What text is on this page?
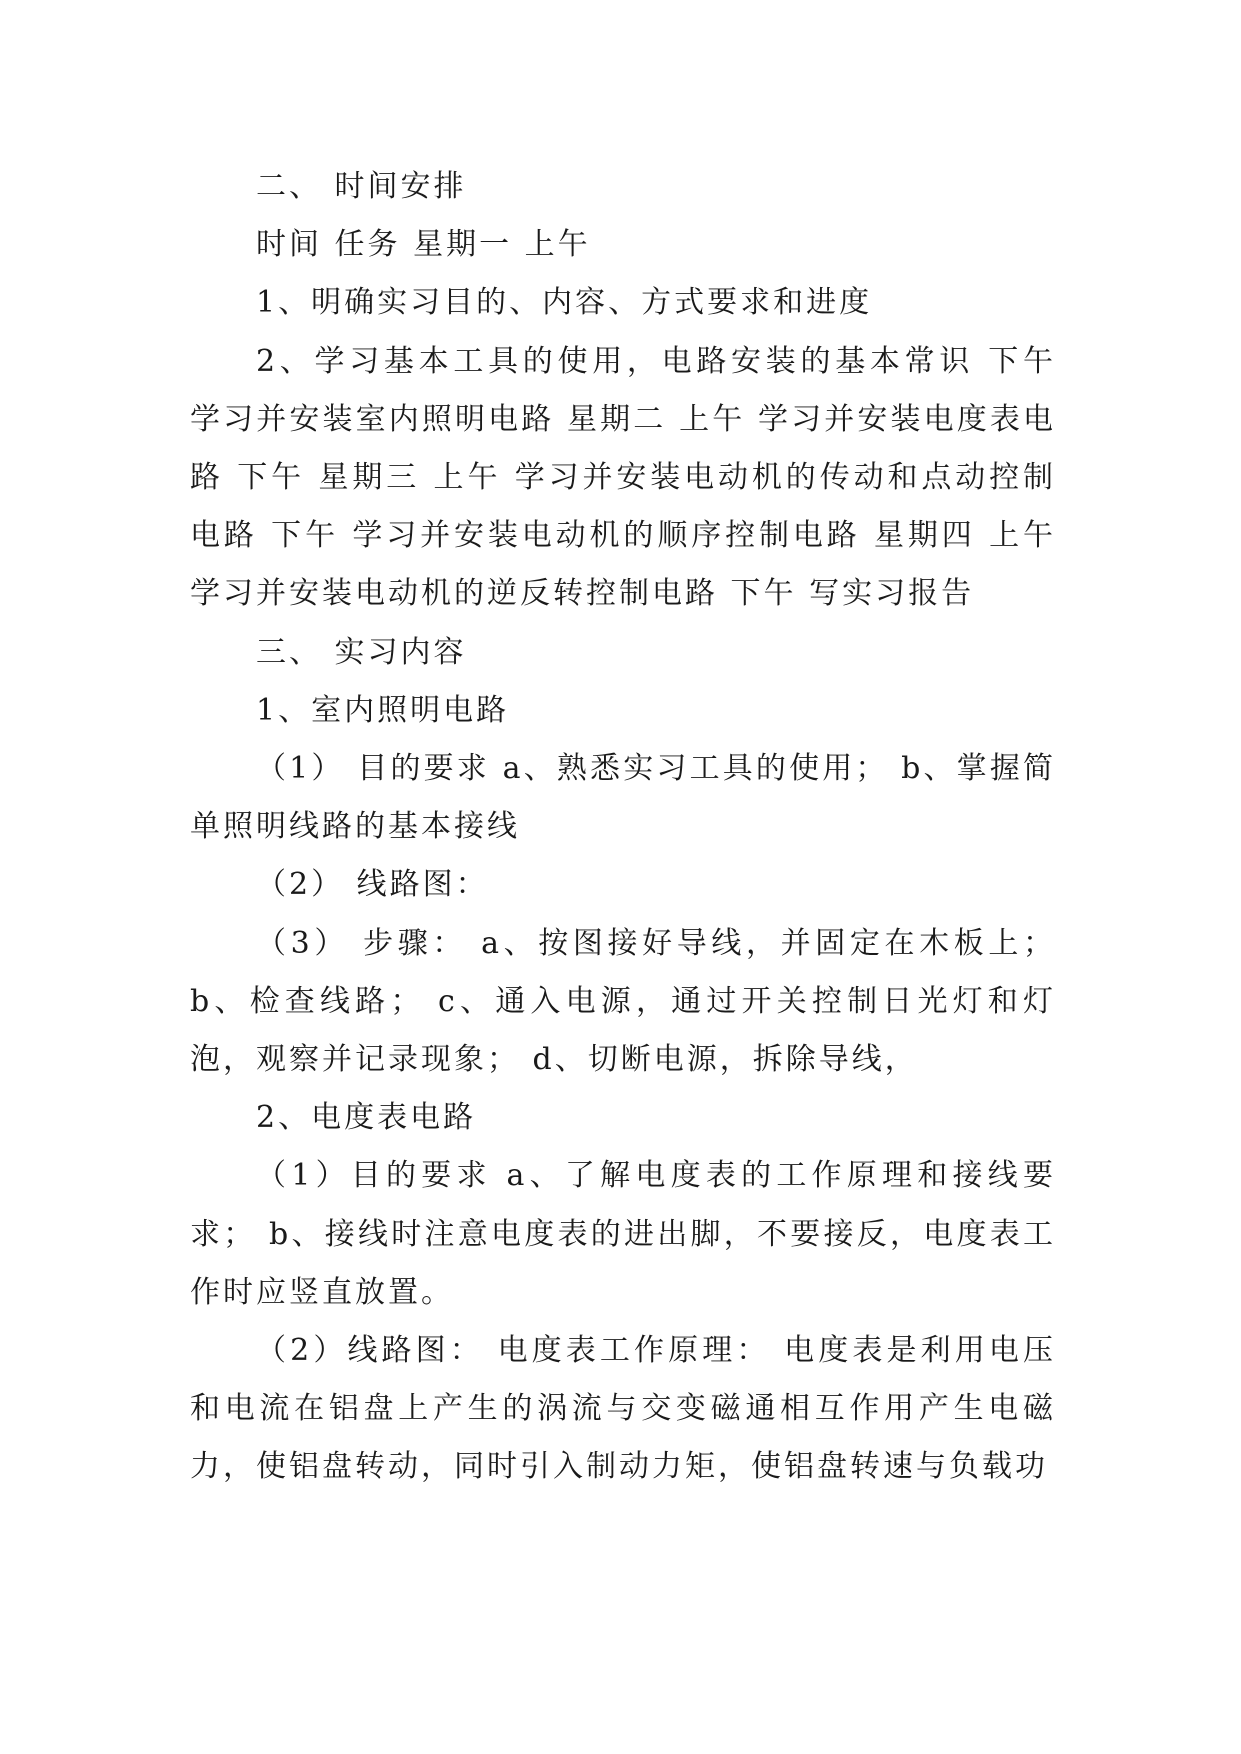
二、 时间安排

时间 任务 星期一 上午

1、明确实习目的、内容、方式要求和进度

2、学习基本工具的使用，电路安装的基本常识 下午 学习并安装室内照明电路 星期二 上午 学习并安装电度表电路 下午 星期三 上午 学习并安装电动机的传动和点动控制电路 下午 学习并安装电动机的顺序控制电路 星期四 上午 学习并安装电动机的逆反转控制电路 下午 写实习报告

三、 实习内容

1、室内照明电路

（1） 目的要求 a、熟悉实习工具的使用； b、掌握简单照明线路的基本接线

（2） 线路图：

（3） 步骤： a、按图接好导线，并固定在木板上； b、检查线路； c、通入电源，通过开关控制日光灯和灯泡，观察并记录现象； d、切断电源，拆除导线，

2、电度表电路

（1）目的要求 a、了解电度表的工作原理和接线要求； b、接线时注意电度表的进出脚，不要接反，电度表工作时应竖直放置。

（2）线路图： 电度表工作原理： 电度表是利用电压和电流在铝盘上产生的涡流与交变磁通相互作用产生电磁力，使铝盘转动，同时引入制动力矩，使铝盘转速与负载功
